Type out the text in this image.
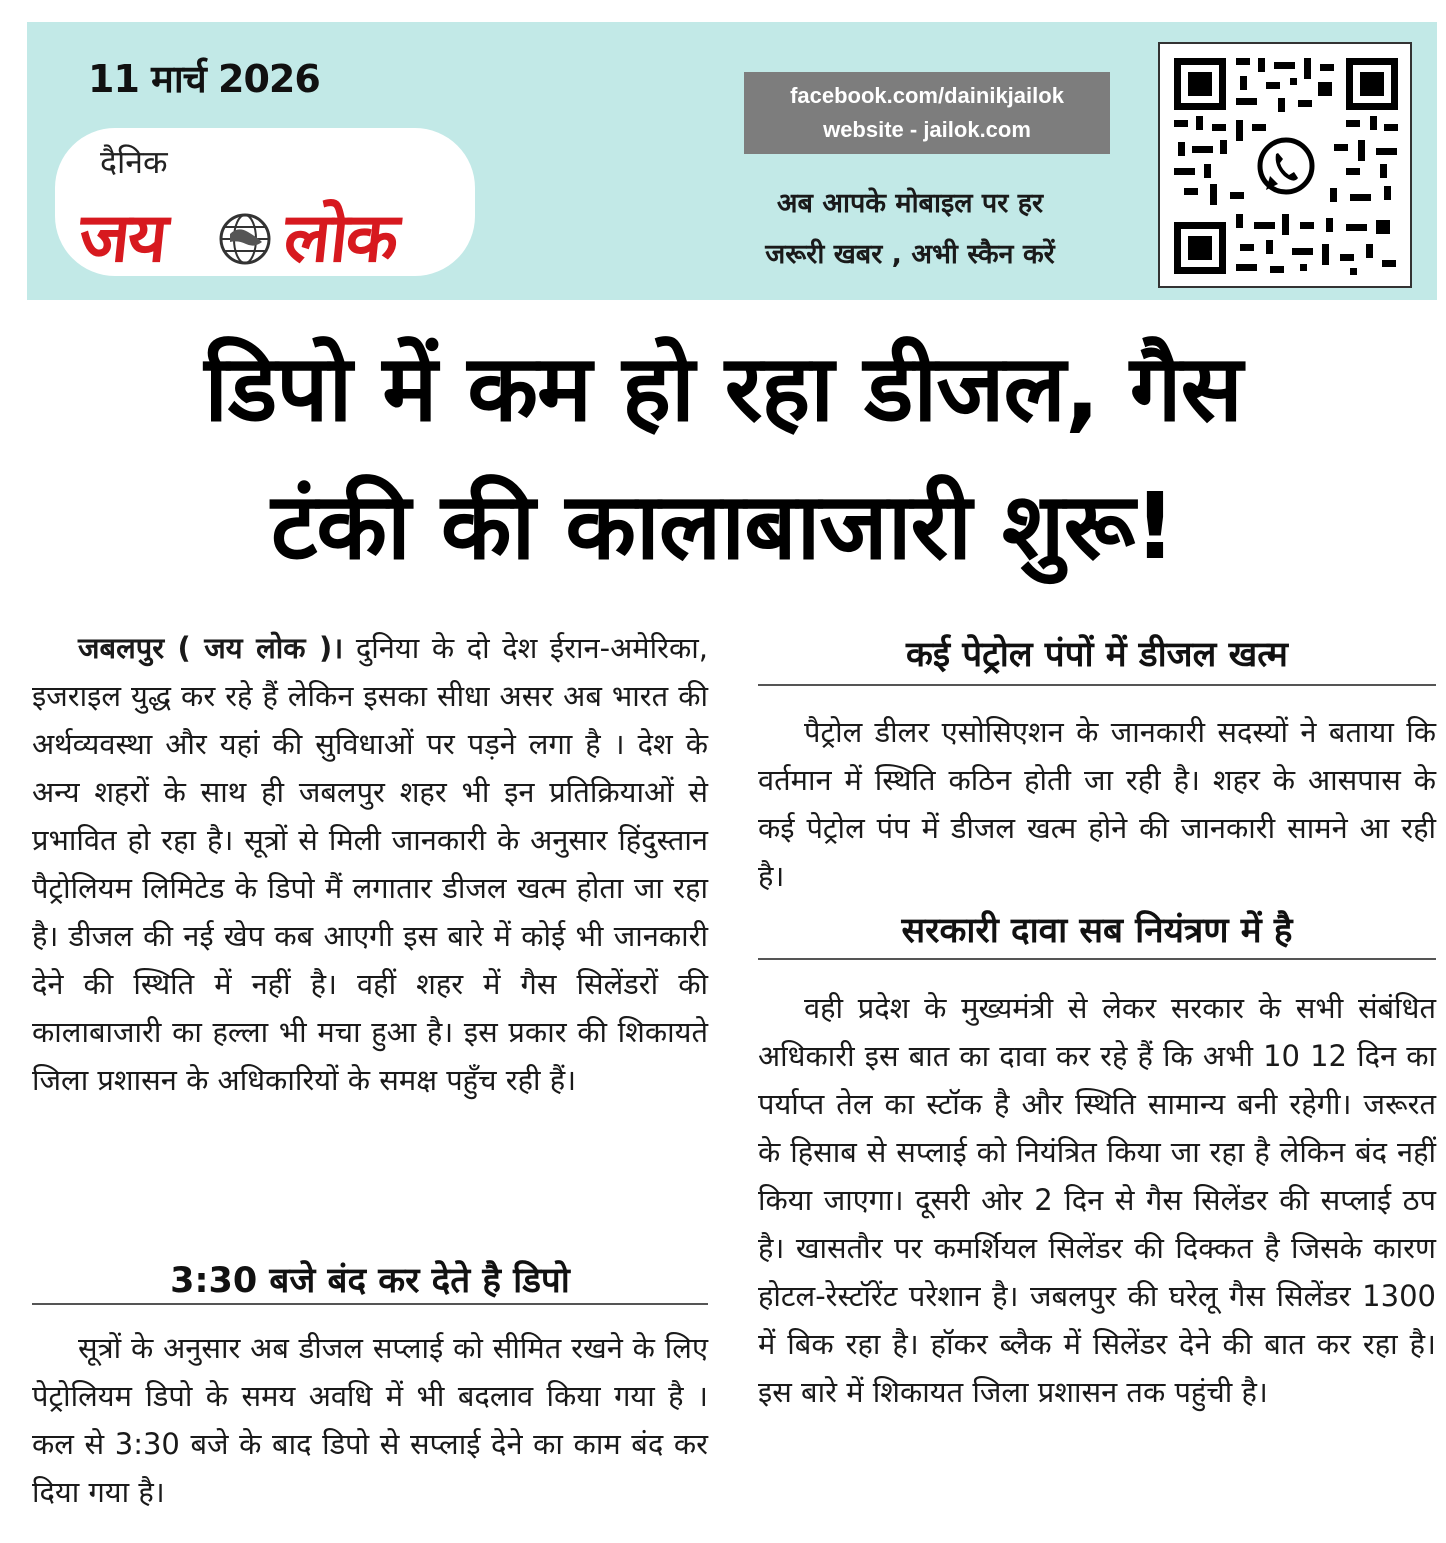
11 मार्च 2026
दैनिक
जय लोक
facebook.com/dainikjailok
website - jailok.com
अब आपके मोबाइल पर हर
जरूरी खबर , अभी स्कैन करें
डिपो में कम हो रहा डीजल, गैस
टंकी की कालाबाजारी शुरू!

जबलपुर ( जय लोक )। दुनिया के दो देश ईरान-अमेरिका, इजराइल युद्ध कर रहे हैं लेकिन इसका सीधा असर अब भारत की अर्थव्यवस्था और यहां की सुविधाओं पर पड़ने लगा है । देश के अन्य शहरों के साथ ही जबलपुर शहर भी इन प्रतिक्रियाओं से प्रभावित हो रहा है। सूत्रों से मिली जानकारी के अनुसार हिंदुस्तान पैट्रोलियम लिमिटेड के डिपो मैं लगातार डीजल खत्म होता जा रहा है। डीजल की नई खेप कब आएगी इस बारे में कोई भी जानकारी देने की स्थिति में नहीं है। वहीं शहर में गैस सिलेंडरों की कालाबाजारी का हल्ला भी मचा हुआ है। इस प्रकार की शिकायते जिला प्रशासन के अधिकारियों के समक्ष पहुँच रही हैं।

3:30 बजे बंद कर देते है डिपो

सूत्रों के अनुसार अब डीजल सप्लाई को सीमित रखने के लिए पेट्रोलियम डिपो के समय अवधि में भी बदलाव किया गया है । कल से 3:30 बजे के बाद डिपो से सप्लाई देने का काम बंद कर दिया गया है।

कई पेट्रोल पंपों में डीजल खत्म

पैट्रोल डीलर एसोसिएशन के जानकारी सदस्यों ने बताया कि वर्तमान में स्थिति कठिन होती जा रही है। शहर के आसपास के कई पेट्रोल पंप में डीजल खत्म होने की जानकारी सामने आ रही है।

सरकारी दावा सब नियंत्रण में है

वही प्रदेश के मुख्यमंत्री से लेकर सरकार के सभी संबंधित अधिकारी इस बात का दावा कर रहे हैं कि अभी 10 12 दिन का पर्याप्त तेल का स्टॉक है और स्थिति सामान्य बनी रहेगी। जरूरत के हिसाब से सप्लाई को नियंत्रित किया जा रहा है लेकिन बंद नहीं किया जाएगा। दूसरी ओर 2 दिन से गैस सिलेंडर की सप्लाई ठप है। खासतौर पर कमर्शियल सिलेंडर की दिक्कत है जिसके कारण होटल-रेस्टॉरेंट परेशान है। जबलपुर की घरेलू गैस सिलेंडर 1300 में बिक रहा है। हॉकर ब्लैक में सिलेंडर देने की बात कर रहा है। इस बारे में शिकायत जिला प्रशासन तक पहुंची है।
